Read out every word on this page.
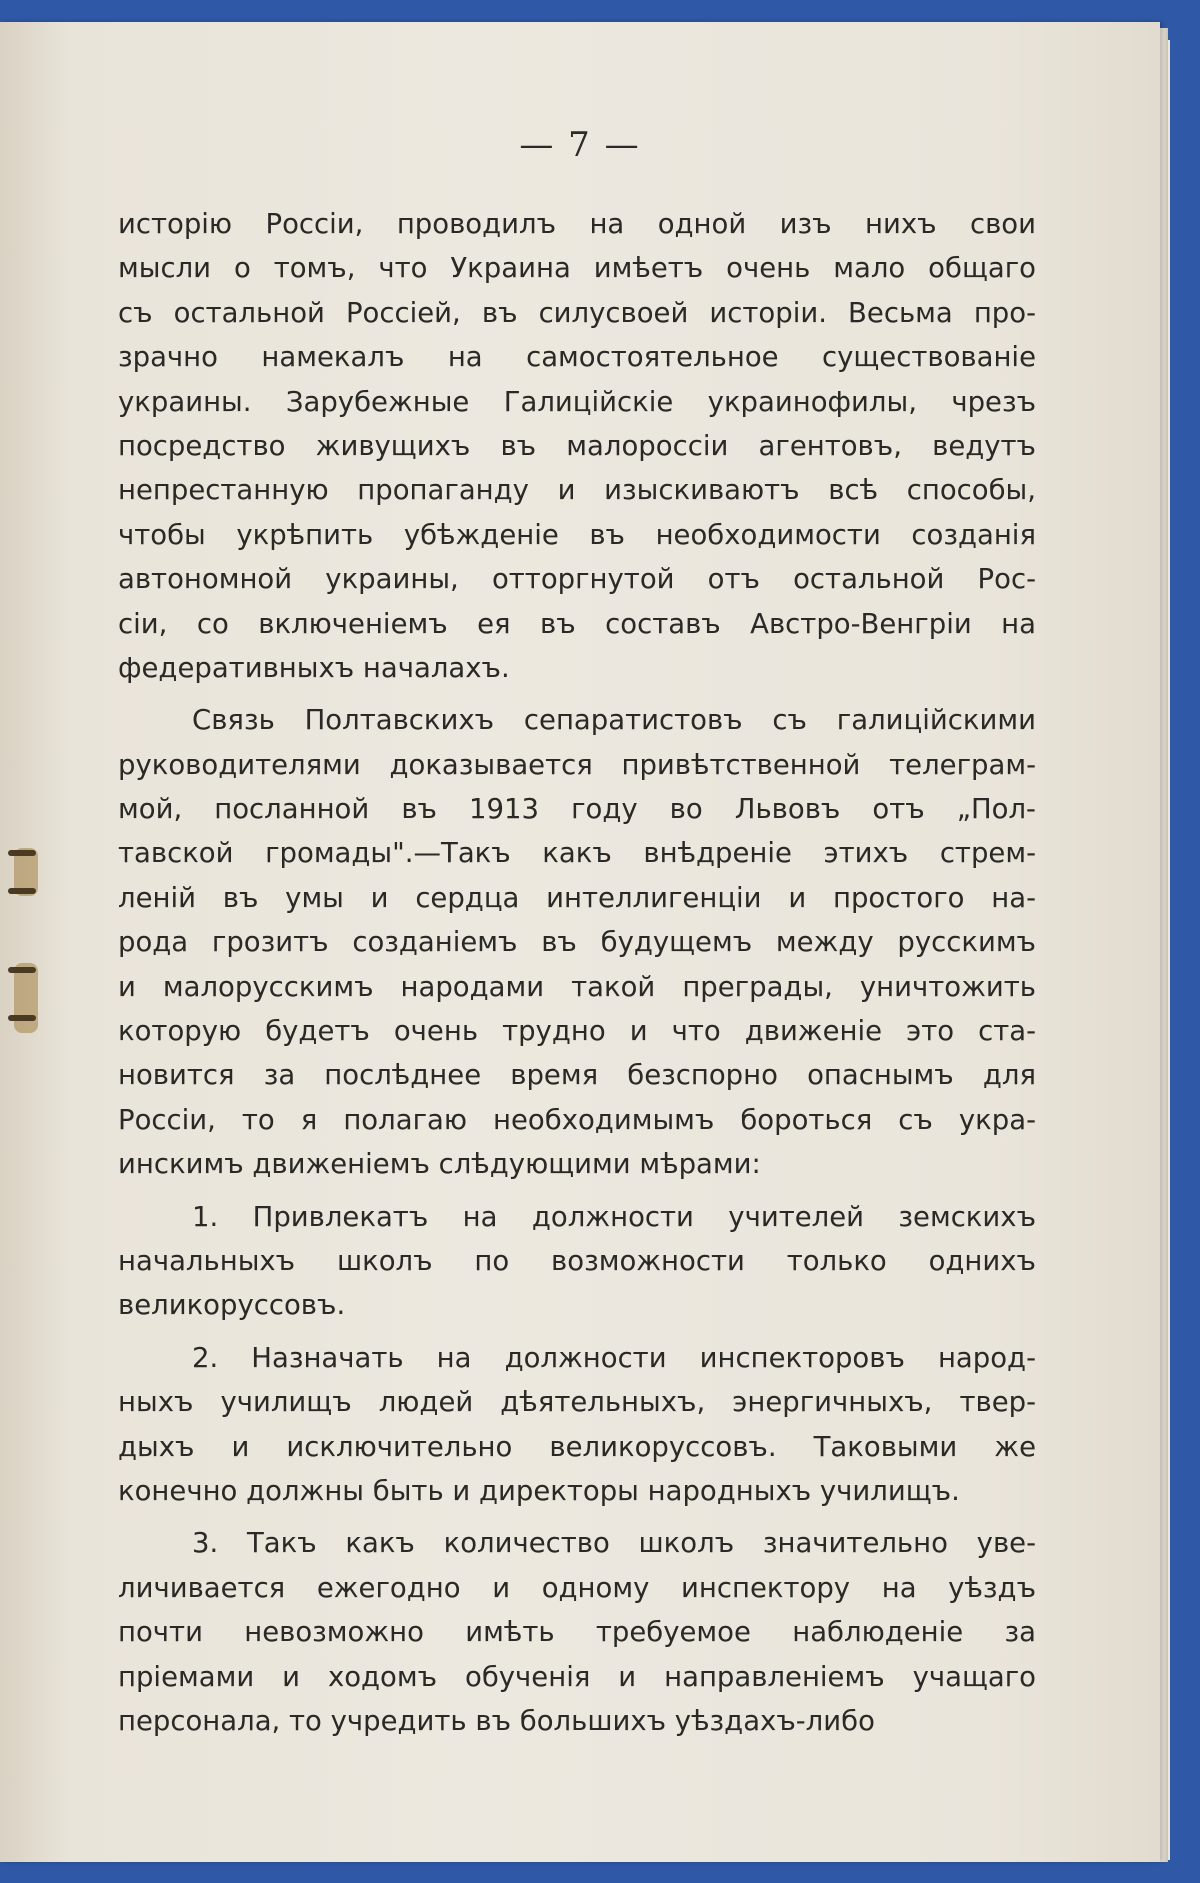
— 7 —
исторію Россіи, проводилъ на одной изъ нихъ свои
мысли о томъ, что Украина имѣетъ очень мало общаго
съ остальной Россіей, въ силусвоей исторіи. Весьма про-
зрачно намекалъ на самостоятельное существованіе
украины. Зарубежные Галиційскіе украинофилы, чрезъ
посредство живущихъ въ малороссіи агентовъ, ведутъ
непрестанную пропаганду и изыскиваютъ всѣ способы,
чтобы укрѣпить убѣжденіе въ необходимости созданія
автономной украины, отторгнутой отъ остальной Рос-
сіи, со включеніемъ ея въ составъ Австро-Венгріи на
федеративныхъ началахъ.
Связь Полтавскихъ сепаратистовъ съ галиційскими
руководителями доказывается привѣтственной телеграм-
мой, посланной въ 1913 году во Львовъ отъ „Пол-
тавской громады".—Такъ какъ внѣдреніе этихъ стрем-
леній въ умы и сердца интеллигенціи и простого на-
рода грозитъ созданіемъ въ будущемъ между русскимъ
и малорусскимъ народами такой преграды, уничтожить
которую будетъ очень трудно и что движеніе это ста-
новится за послѣднее время безспорно опаснымъ для
Россіи, то я полагаю необходимымъ бороться съ укра-
инскимъ движеніемъ слѣдующими мѣрами:
1. Привлекатъ на должности учителей земскихъ
начальныхъ школъ по возможности только однихъ
великоруссовъ.
2. Назначать на должности инспекторовъ народ-
ныхъ училищъ людей дѣятельныхъ, энергичныхъ, твер-
дыхъ и исключительно великоруссовъ. Таковыми же
конечно должны быть и директоры народныхъ училищъ.
3. Такъ какъ количество школъ значительно уве-
личивается ежегодно и одному инспектору на уѣздъ
почти невозможно имѣть требуемое наблюденіе за
пріемами и ходомъ обученія и направленіемъ учащаго
персонала, то учредить въ большихъ уѣздахъ-либо
